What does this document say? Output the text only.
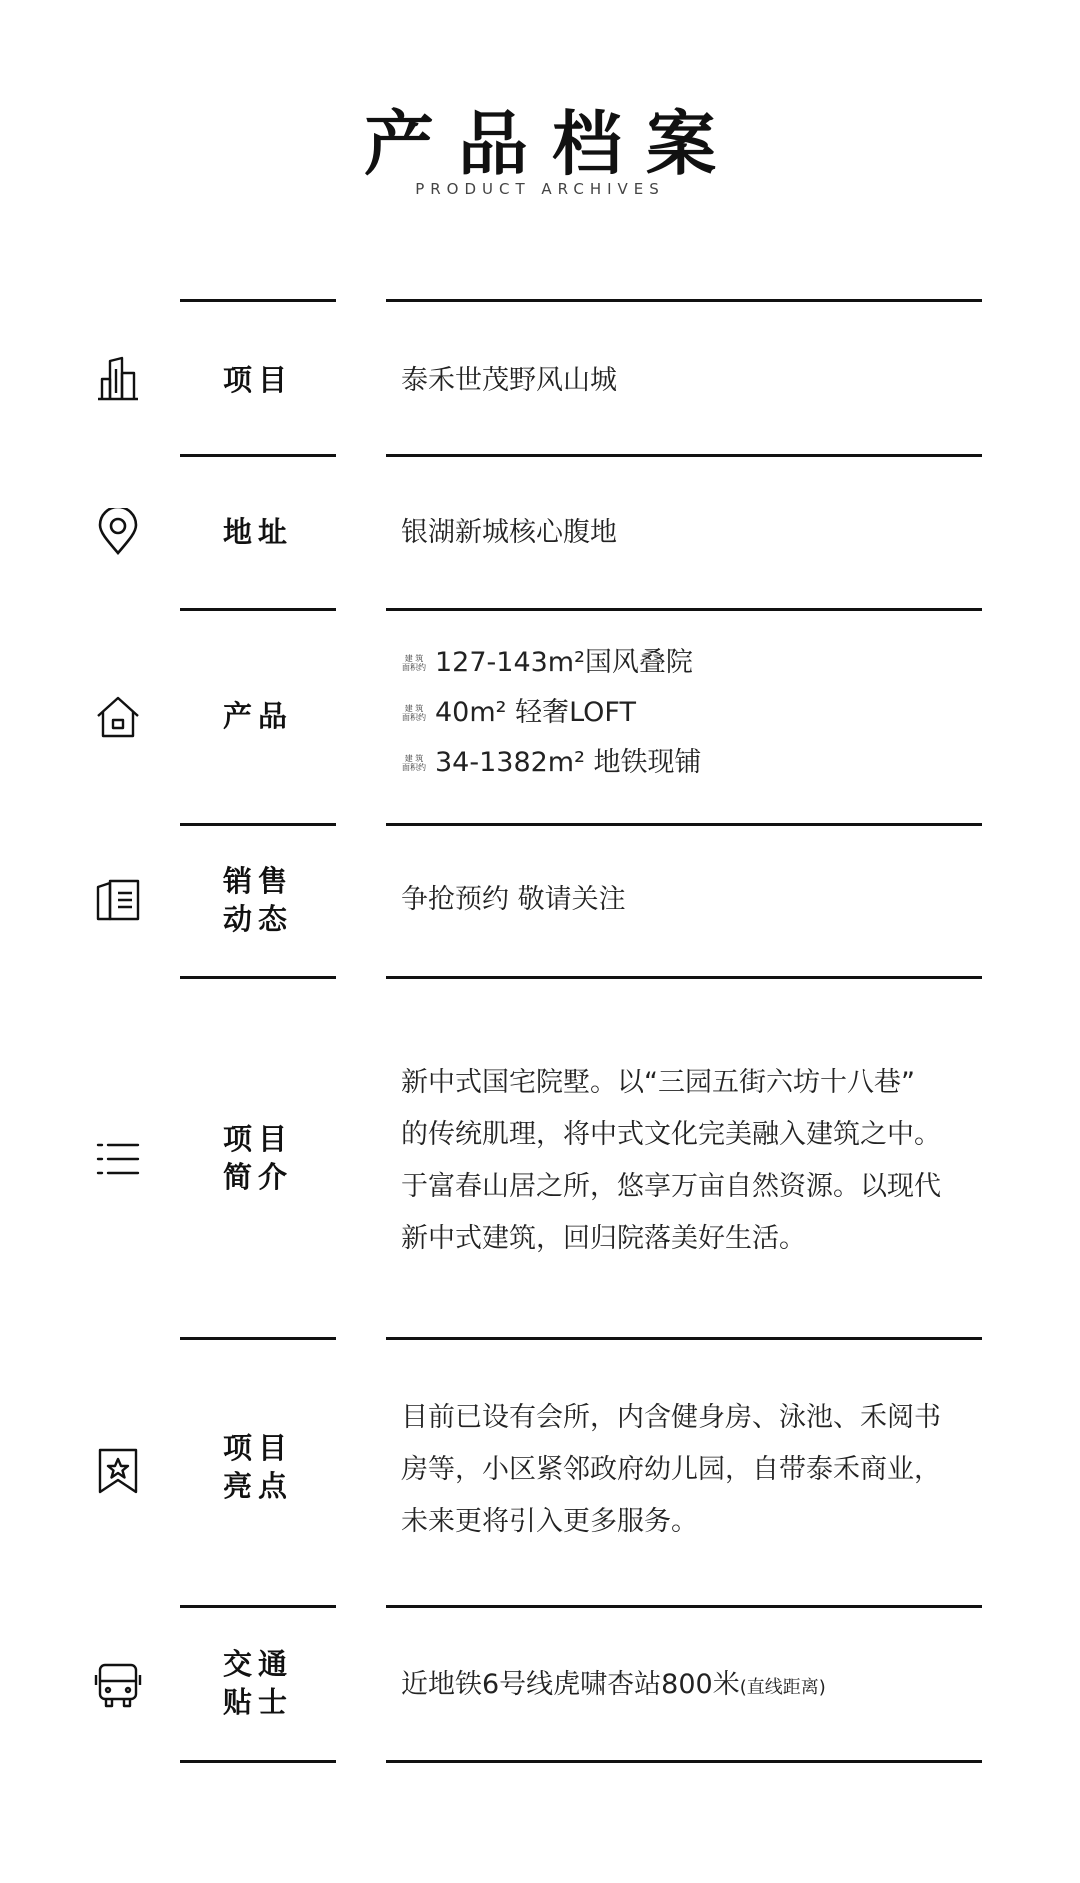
产品档案
PRODUCT ARCHIVES
项目	泰禾世茂野风山城
地址	银湖新城核心腹地
产品
建 筑
面积约 127-143m²国风叠院
建 筑
面积约 40m² 轻奢LOFT
建 筑
面积约 34-1382m² 地铁现铺
销售
动态
争抢预约 敬请关注
项目
简介
新中式国宅院墅。以“三园五街六坊十八巷”
的传统肌理，将中式文化完美融入建筑之中。
于富春山居之所，悠享万亩自然资源。以现代
新中式建筑，回归院落美好生活。
项目
亮点
目前已设有会所，内含健身房、泳池、禾阅书
房等，小区紧邻政府幼儿园，自带泰禾商业，
未来更将引入更多服务。
交通
贴士
近地铁6号线虎啸杏站800米(直线距离)
